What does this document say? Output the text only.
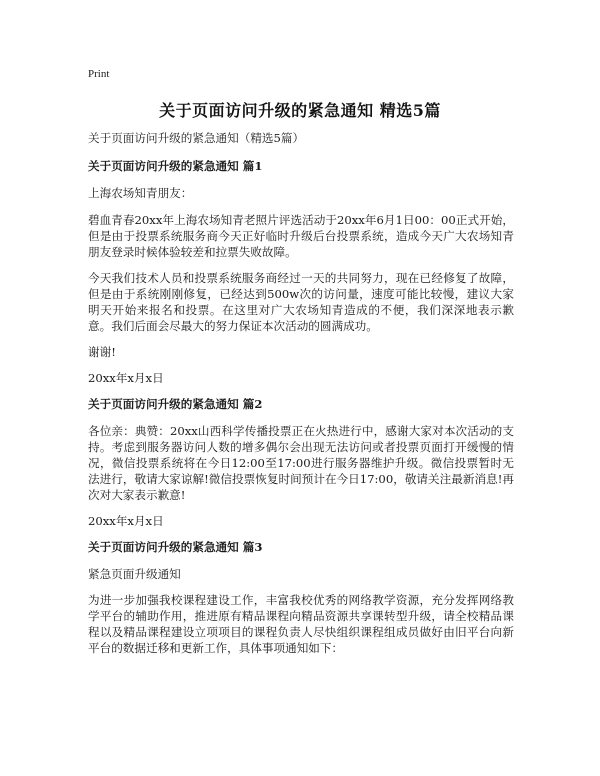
Print
关于页面访问升级的紧急通知 精选5篇

关于页面访问升级的紧急通知（精选5篇）

关于页面访问升级的紧急通知 篇1

上海农场知青朋友：

碧血青春20xx年上海农场知青老照片评选活动于20xx年6月1日00：00正式开始，但是由于投票系统服务商今天正好临时升级后台投票系统，造成今天广大农场知青朋友登录时候体验较差和拉票失败故障。

今天我们技术人员和投票系统服务商经过一天的共同努力，现在已经修复了故障，但是由于系统刚刚修复，已经达到500w次的访问量，速度可能比较慢，建议大家明天开始来报名和投票。在这里对广大农场知青造成的不便，我们深深地表示歉意。我们后面会尽最大的努力保证本次活动的圆满成功。

谢谢!

20xx年x月x日

关于页面访问升级的紧急通知 篇2

各位亲：典赞：20xx山西科学传播投票正在火热进行中，感谢大家对本次活动的支持。考虑到服务器访问人数的增多偶尔会出现无法访问或者投票页面打开缓慢的情况，微信投票系统将在今日12:00至17:00进行服务器维护升级。微信投票暂时无法进行，敬请大家谅解!微信投票恢复时间预计在今日17:00，敬请关注最新消息!再次对大家表示歉意!

20xx年x月x日

关于页面访问升级的紧急通知 篇3

紧急页面升级通知

为进一步加强我校课程建设工作，丰富我校优秀的网络教学资源，充分发挥网络教学平台的辅助作用，推进原有精品课程向精品资源共享课转型升级，请全校精品课程以及精品课程建设立项项目的课程负责人尽快组织课程组成员做好由旧平台向新平台的数据迁移和更新工作，具体事项通知如下：
